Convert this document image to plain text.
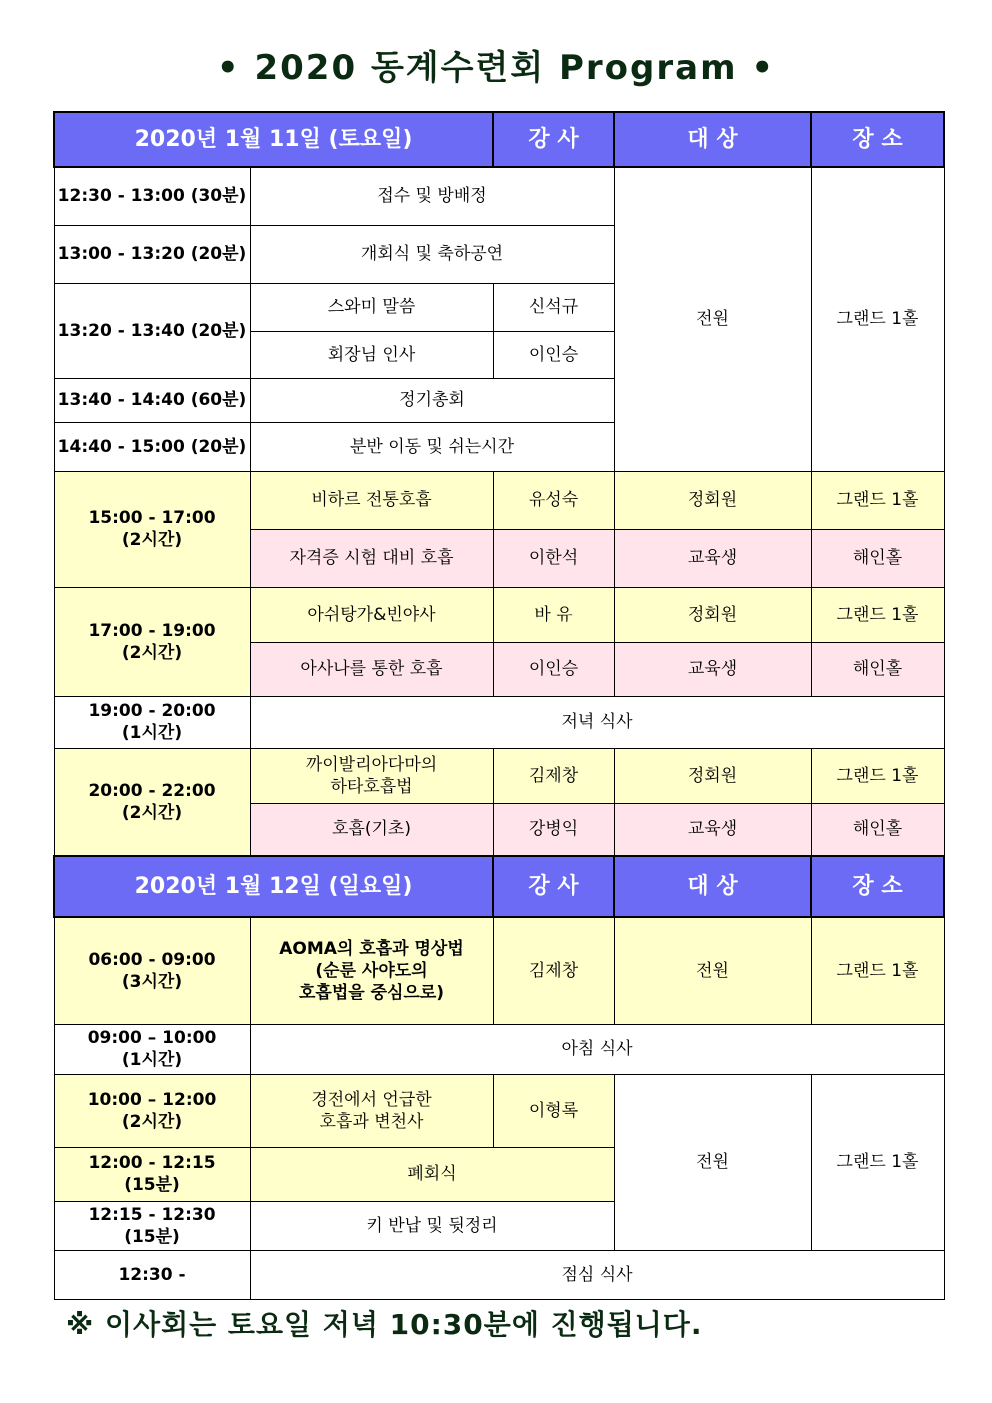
• 2020 동계수련회 Program •
2020년 1월 11일 (토요일)		강 사	대 상	장 소
12:30 - 13:00 (30분)	접수 및 방배정		전원	그랜드 1홀
13:00 - 13:20 (20분)	개회식 및 축하공연			
13:20 - 13:40 (20분)	스와미 말씀	신석규		
	회장님 인사	이인승		
13:40 - 14:40 (60분)	정기총회			
14:40 - 15:00 (20분)	분반 이동 및 쉬는시간			
15:00 - 17:00
(2시간)	비하르 전통호흡	유성숙	정회원	그랜드 1홀
	자격증 시험 대비 호흡	이한석	교육생	해인홀
17:00 - 19:00
(2시간)	아쉬탕가&빈야사	바 유	정회원	그랜드 1홀
	아사나를 통한 호흡	이인승	교육생	해인홀
19:00 - 20:00
(1시간)	저녁 식사			
20:00 - 22:00
(2시간)	까이발리아다마의
하타호흡법	김제창	정회원	그랜드 1홀
	호흡(기초)	강병익	교육생	해인홀
2020년 1월 12일 (일요일)		강 사	대 상	장 소
06:00 - 09:00
(3시간)	AOMA의 호흡과 명상법
(순룬 사야도의
호흡법을 중심으로)	김제창	전원	그랜드 1홀
09:00 – 10:00
(1시간)	아침 식사			
10:00 – 12:00
(2시간)	경전에서 언급한
호흡과 변천사	이형록	전원	그랜드 1홀
12:00 - 12:15
(15분)	폐회식			
12:15 - 12:30
(15분)	키 반납 및 뒷정리			
12:30 -	점심 식사			
※ 이사회는 토요일 저녁 10:30분에 진행됩니다.
